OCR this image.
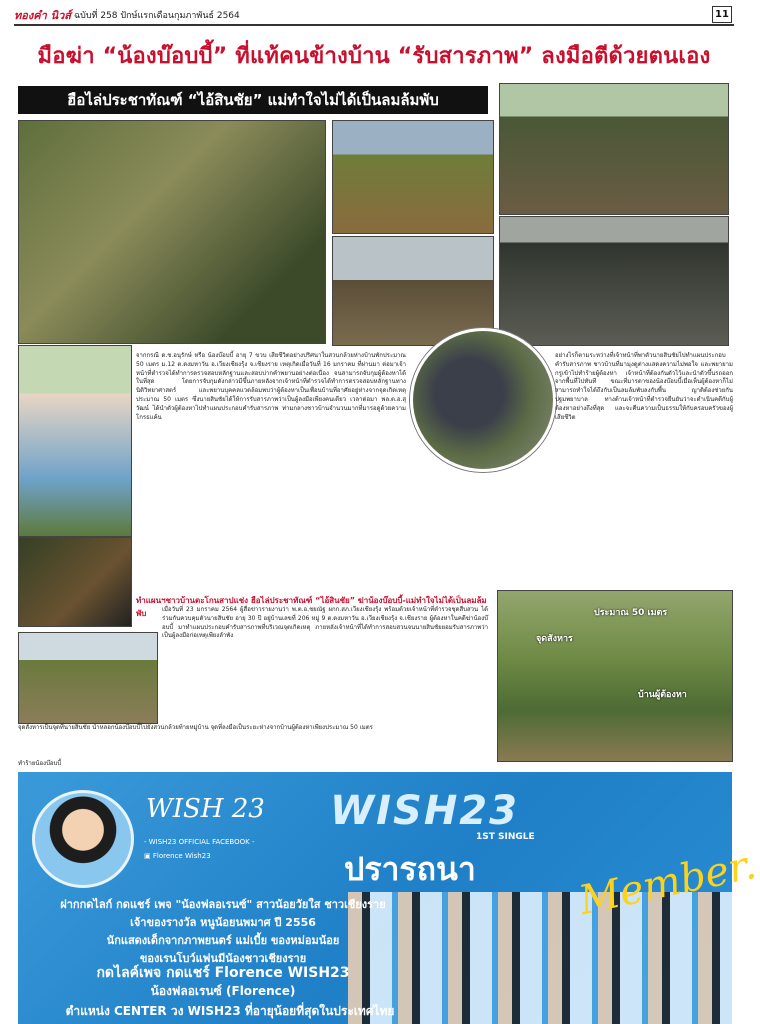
ทองคำ นิวส์ ฉบับที่ 258 ปักษ์แรกเดือนกุมภาพันธ์ 2564	11
มือฆ่า “น้องบ๊อบบี้” ที่แท้คนข้างบ้าน “รับสารภาพ” ลงมือตีด้วยตนเอง
ฮือไล่ประชาทัณฑ์ “ไอ้สินชัย” แม่ทำใจไม่ได้เป็นลมล้มพับ
ประมาณ 50 เมตร
จุดสังหาร
บ้านผู้ต้องหา
จากกรณี ด.ช.อนุรักษ์ หรือ น้องบ๊อบบี้ อายุ 7 ขวบ เสียชีวิตอย่างปริศนาในสวนกล้วยห่างบ้านพักประมาณ 50 เมตร ม.12 ต.ดงมหาวัน อ.เวียงเชียงรุ้ง จ.เชียงราย เหตุเกิดเมื่อวันที่ 16 มกราคม ที่ผ่านมา ต่อมาเจ้าหน้าที่ตำรวจได้ทำการตรวจสอบหลักฐานและสอบปากคำพยานอย่างต่อเนื่อง จนสามารถจับกุมผู้ต้องหาได้ในที่สุด โดยการจับกุมดังกล่าวมีขึ้นภายหลังจากเจ้าหน้าที่ตำรวจได้ทำการตรวจสอบหลักฐานทางนิติวิทยาศาสตร์ และพยานบุคคลแวดล้อมพบว่าผู้ต้องหาเป็นเพื่อนบ้านที่อาศัยอยู่ห่างจากจุดเกิดเหตุประมาณ 50 เมตร ซึ่งนายสินชัยได้ให้การรับสารภาพว่าเป็นผู้ลงมือเพียงคนเดียว เวลาต่อมา พล.ต.อ.สุวัฒน์ ได้นำตัวผู้ต้องหาไปทำแผนประกอบคำรับสารภาพ ท่ามกลางชาวบ้านจำนวนมากที่มารอดูด้วยความโกรธแค้น
อย่างไรก็ตามระหว่างที่เจ้าหน้าที่พาตัวนายสินชัยไปทำแผนประกอบคำรับสารภาพ ชาวบ้านที่มามุงดูต่างแสดงความไม่พอใจ และพยายามกรูเข้าไปทำร้ายผู้ต้องหา เจ้าหน้าที่ต้องกันตัวไว้และนำตัวขึ้นรถออกจากพื้นที่ไปทันที ขณะที่มารดาของน้องบ๊อบบี้เมื่อเห็นผู้ต้องหาก็ไม่สามารถทำใจได้ถึงกับเป็นลมล้มพับลงกับพื้น ญาติต้องช่วยกันปฐมพยาบาล ทางด้านเจ้าหน้าที่ตำรวจยืนยันว่าจะดำเนินคดีกับผู้ต้องหาอย่างถึงที่สุด และจะคืนความเป็นธรรมให้กับครอบครัวของผู้เสียชีวิต
ทำแผนฯชาวบ้านตะโกนสาปแช่ง ฮือไล่ประชาทัณฑ์ “ไอ้สินชัย” ฆ่าน้องบ๊อบบี้-แม่ทำใจไม่ได้เป็นลมล้มพับ	เมื่อวันที่ 23 มกราคม 2564 ผู้สื่อข่าวรายงานว่า พ.ต.อ.ชยณัฐ ผกก.สภ.เวียงเชียงรุ้ง พร้อมด้วยเจ้าหน้าที่ตำรวจชุดสืบสวน ได้ร่วมกันควบคุมตัวนายสินชัย อายุ 30 ปี อยู่บ้านเลขที่ 206 หมู่ 9 ต.ดงมหาวัน อ.เวียงเชียงรุ้ง จ.เชียงราย ผู้ต้องหาในคดีฆ่าน้องบ๊อบบี้ มาทำแผนประกอบคำรับสารภาพที่บริเวณจุดเกิดเหตุ ภายหลังเจ้าหน้าที่ได้ทำการสอบสวนจนนายสินชัยยอมรับสารภาพว่าเป็นผู้ลงมือก่อเหตุเพียงลำพัง
จุดสังหารเป็นจุดที่นายสินชัย นำหลอกน้องบ๊อบบี้ไปยังสวนกล้วยท้ายหมู่บ้าน จุดที่ลงมือเป็นระยะห่างจากบ้านผู้ต้องหาเพียงประมาณ 50 เมตร
ทำร้ายน้องบ๊อบบี้
WISH 23
- WISH23 OFFICIAL FACEBOOK -
▣ Florence Wish23
WISH23
1ST SINGLE
ปรารถนา Member.
ฝากกดไลก์ กดแชร์ เพจ "น้องฟลอเรนซ์" สาวน้อยวัยใส ชาวเชียงราย
เจ้าของรางวัล หนูน้อยนพมาศ ปี 2556
นักแสดงเด็กจากภาพยนตร์ แม่เบี้ย ของหม่อมน้อย
ของเรนโบว์แฟนมีน้องชาวเชียงราย
กดไลค์เพจ กดแชร์ Florence WISH23
น้องฟลอเรนซ์ (Florence)
ตำแหน่ง CENTER วง WISH23 ที่อายุน้อยที่สุดในประเทศไทย
